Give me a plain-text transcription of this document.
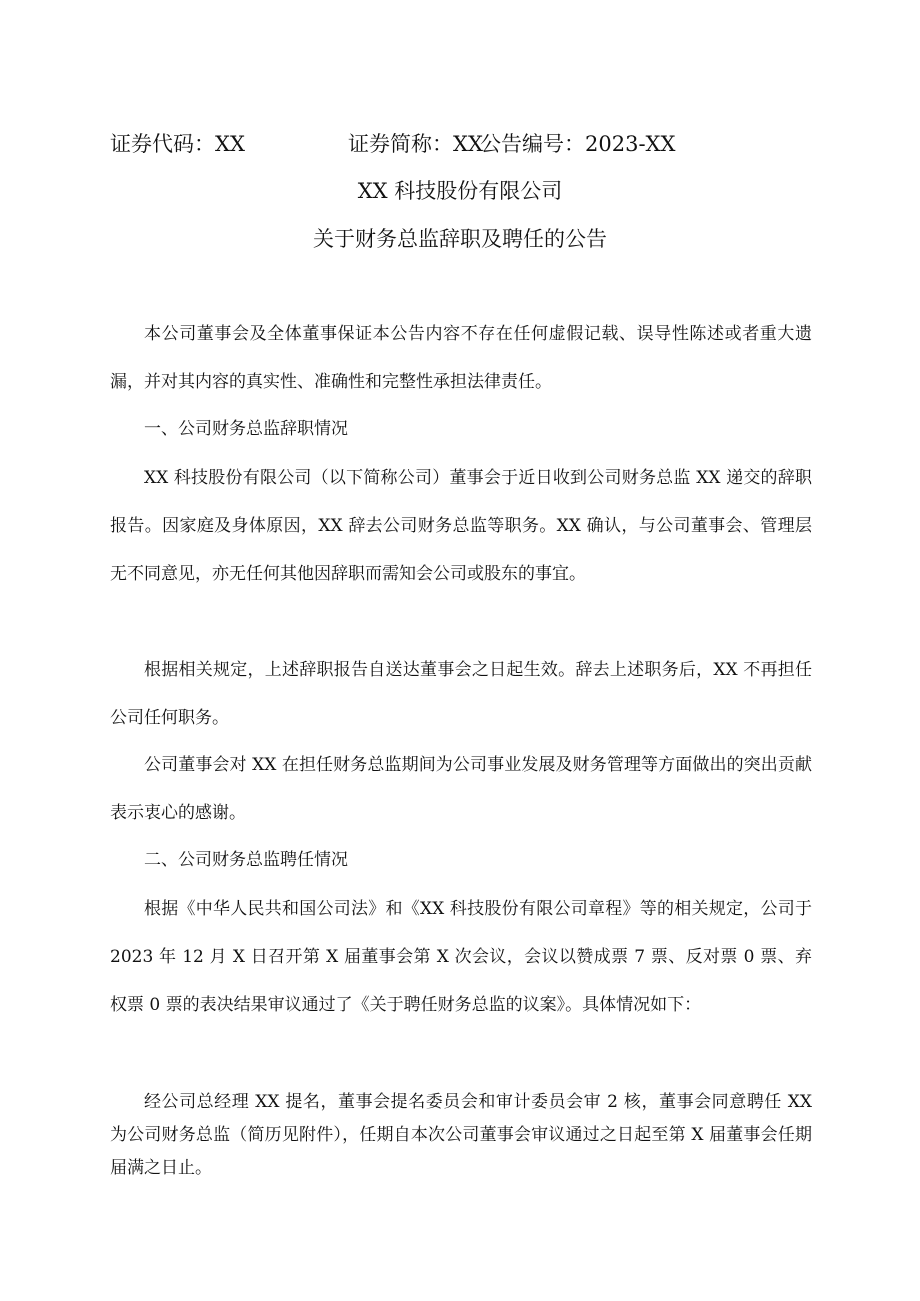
证券代码：XX	证券简称：XX
公告编号：2023-XX
XX 科技股份有限公司
关于财务总监辞职及聘任的公告

本公司董事会及全体董事保证本公告内容不存在任何虚假记载、误导性陈述或者重大遗漏，并对其内容的真实性、准确性和完整性承担法律责任。

一、公司财务总监辞职情况

XX 科技股份有限公司（以下简称公司）董事会于近日收到公司财务总监 XX 递交的辞职报告。因家庭及身体原因，XX 辞去公司财务总监等职务。XX 确认，与公司董事会、管理层无不同意见，亦无任何其他因辞职而需知会公司或股东的事宜。

根据相关规定，上述辞职报告自送达董事会之日起生效。辞去上述职务后，XX 不再担任公司任何职务。

公司董事会对 XX 在担任财务总监期间为公司事业发展及财务管理等方面做出的突出贡献表示衷心的感谢。

二、公司财务总监聘任情况

根据《中华人民共和国公司法》和《XX 科技股份有限公司章程》等的相关规定，公司于 2023 年 12 月 X 日召开第 X 届董事会第 X 次会议，会议以赞成票 7 票、反对票 0 票、弃权票 0 票的表决结果审议通过了《关于聘任财务总监的议案》。具体情况如下：

经公司总经理 XX 提名，董事会提名委员会和审计委员会审 2 核，董事会同意聘任 XX 为公司财务总监（简历见附件），任期自本次公司董事会审议通过之日起至第 X 届董事会任期届满之日止。
